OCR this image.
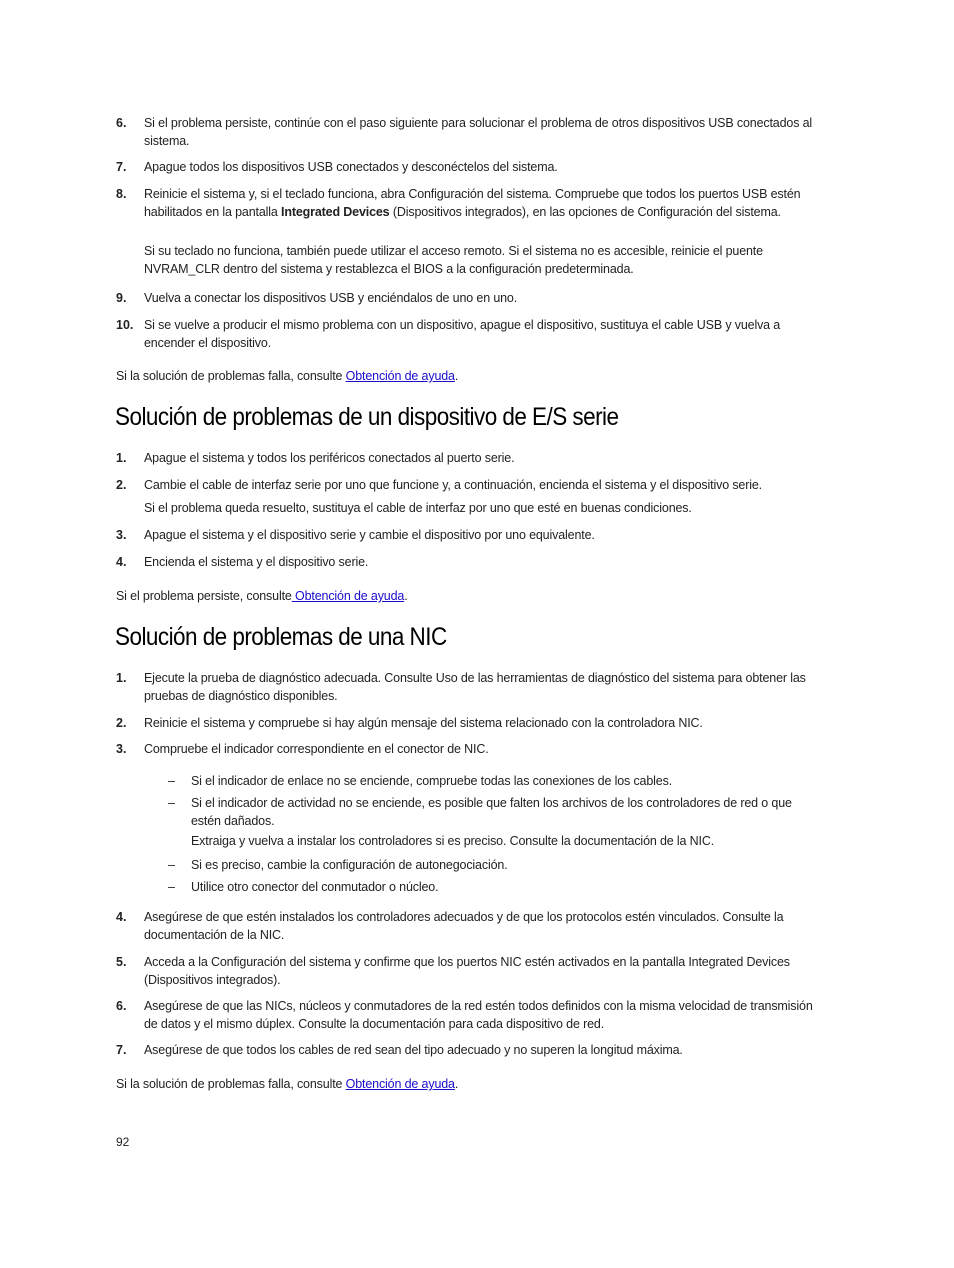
6. Si el problema persiste, continúe con el paso siguiente para solucionar el problema de otros dispositivos USB conectados al sistema.
7. Apague todos los dispositivos USB conectados y desconéctelos del sistema.
8. Reinicie el sistema y, si el teclado funciona, abra Configuración del sistema. Compruebe que todos los puertos USB estén habilitados en la pantalla Integrated Devices (Dispositivos integrados), en las opciones de Configuración del sistema.
Si su teclado no funciona, también puede utilizar el acceso remoto. Si el sistema no es accesible, reinicie el puente NVRAM_CLR dentro del sistema y restablezca el BIOS a la configuración predeterminada.
9. Vuelva a conectar los dispositivos USB y enciéndalos de uno en uno.
10. Si se vuelve a producir el mismo problema con un dispositivo, apague el dispositivo, sustituya el cable USB y vuelva a encender el dispositivo.
Si la solución de problemas falla, consulte Obtención de ayuda.
Solución de problemas de un dispositivo de E/S serie
1. Apague el sistema y todos los periféricos conectados al puerto serie.
2. Cambie el cable de interfaz serie por uno que funcione y, a continuación, encienda el sistema y el dispositivo serie.
Si el problema queda resuelto, sustituya el cable de interfaz por uno que esté en buenas condiciones.
3. Apague el sistema y el dispositivo serie y cambie el dispositivo por uno equivalente.
4. Encienda el sistema y el dispositivo serie.
Si el problema persiste, consulte Obtención de ayuda.
Solución de problemas de una NIC
1. Ejecute la prueba de diagnóstico adecuada. Consulte Uso de las herramientas de diagnóstico del sistema para obtener las pruebas de diagnóstico disponibles.
2. Reinicie el sistema y compruebe si hay algún mensaje del sistema relacionado con la controladora NIC.
3. Compruebe el indicador correspondiente en el conector de NIC.
– Si el indicador de enlace no se enciende, compruebe todas las conexiones de los cables.
– Si el indicador de actividad no se enciende, es posible que falten los archivos de los controladores de red o que estén dañados.
Extraiga y vuelva a instalar los controladores si es preciso. Consulte la documentación de la NIC.
– Si es preciso, cambie la configuración de autonegociación.
– Utilice otro conector del conmutador o núcleo.
4. Asegúrese de que estén instalados los controladores adecuados y de que los protocolos estén vinculados. Consulte la documentación de la NIC.
5. Acceda a la Configuración del sistema y confirme que los puertos NIC estén activados en la pantalla Integrated Devices (Dispositivos integrados).
6. Asegúrese de que las NICs, núcleos y conmutadores de la red estén todos definidos con la misma velocidad de transmisión de datos y el mismo dúplex. Consulte la documentación para cada dispositivo de red.
7. Asegúrese de que todos los cables de red sean del tipo adecuado y no superen la longitud máxima.
Si la solución de problemas falla, consulte Obtención de ayuda.
92
